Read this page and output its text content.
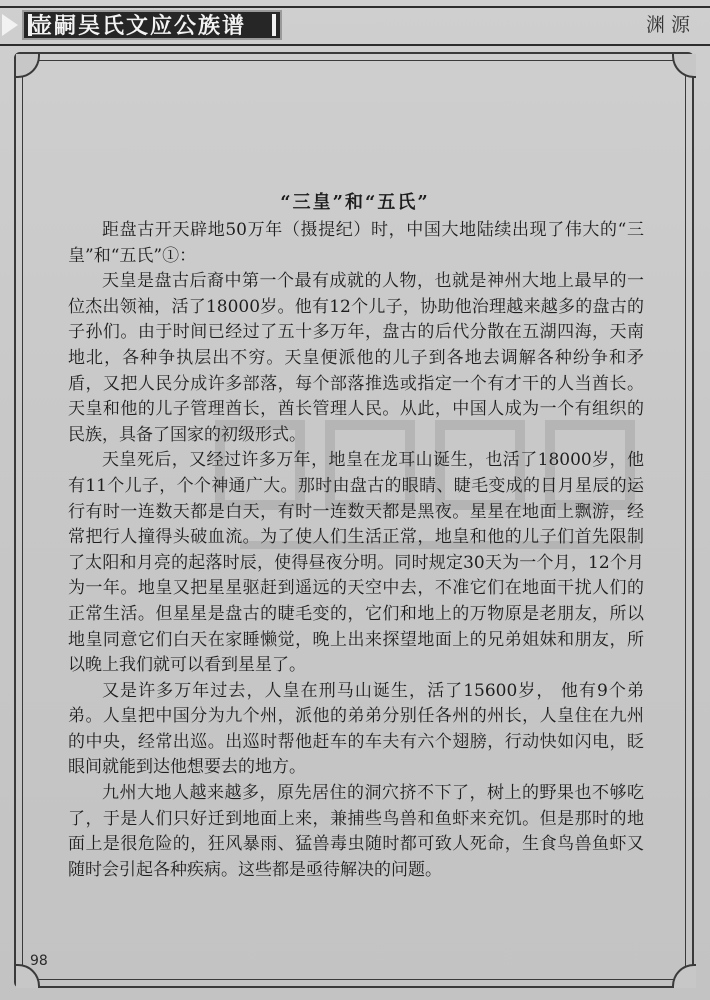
壶嗣吴氏文应公族谱	渊源
“三皇”和“五氏”

距盘古开天辟地50万年（摄提纪）时，中国大地陆续出现了伟大的“三皇”和“五氏”①：

天皇是盘古后裔中第一个最有成就的人物，也就是神州大地上最早的一位杰出领袖，活了18000岁。他有12个儿子，协助他治理越来越多的盘古的子孙们。由于时间已经过了五十多万年，盘古的后代分散在五湖四海，天南地北，各种争执层出不穷。天皇便派他的儿子到各地去调解各种纷争和矛盾，又把人民分成许多部落，每个部落推选或指定一个有才干的人当酋长。天皇和他的儿子管理酋长，酋长管理人民。从此，中国人成为一个有组织的民族，具备了国家的初级形式。

天皇死后，又经过许多万年，地皇在龙耳山诞生，也活了18000岁，他有11个儿子，个个神通广大。那时由盘古的眼睛、睫毛变成的日月星辰的运行有时一连数天都是白天，有时一连数天都是黑夜。星星在地面上飘游，经常把行人撞得头破血流。为了使人们生活正常，地皇和他的儿子们首先限制了太阳和月亮的起落时辰，使得昼夜分明。同时规定30天为一个月，12个月为一年。地皇又把星星驱赶到遥远的天空中去，不准它们在地面干扰人们的正常生活。但星星是盘古的睫毛变的，它们和地上的万物原是老朋友，所以地皇同意它们白天在家睡懒觉，晚上出来探望地面上的兄弟姐妹和朋友，所以晚上我们就可以看到星星了。

又是许多万年过去，人皇在刑马山诞生，活了15600岁， 他有9个弟弟。人皇把中国分为九个州，派他的弟弟分别任各州的州长，人皇住在九州的中央，经常出巡。出巡时帮他赶车的车夫有六个翅膀，行动快如闪电，眨眼间就能到达他想要去的地方。

九州大地人越来越多，原先居住的洞穴挤不下了，树上的野果也不够吃了，于是人们只好迁到地面上来，兼捕些鸟兽和鱼虾来充饥。但是那时的地面上是很危险的，狂风暴雨、猛兽毒虫随时都可致人死命，生食鸟兽鱼虾又随时会引起各种疾病。这些都是亟待解决的问题。

98
